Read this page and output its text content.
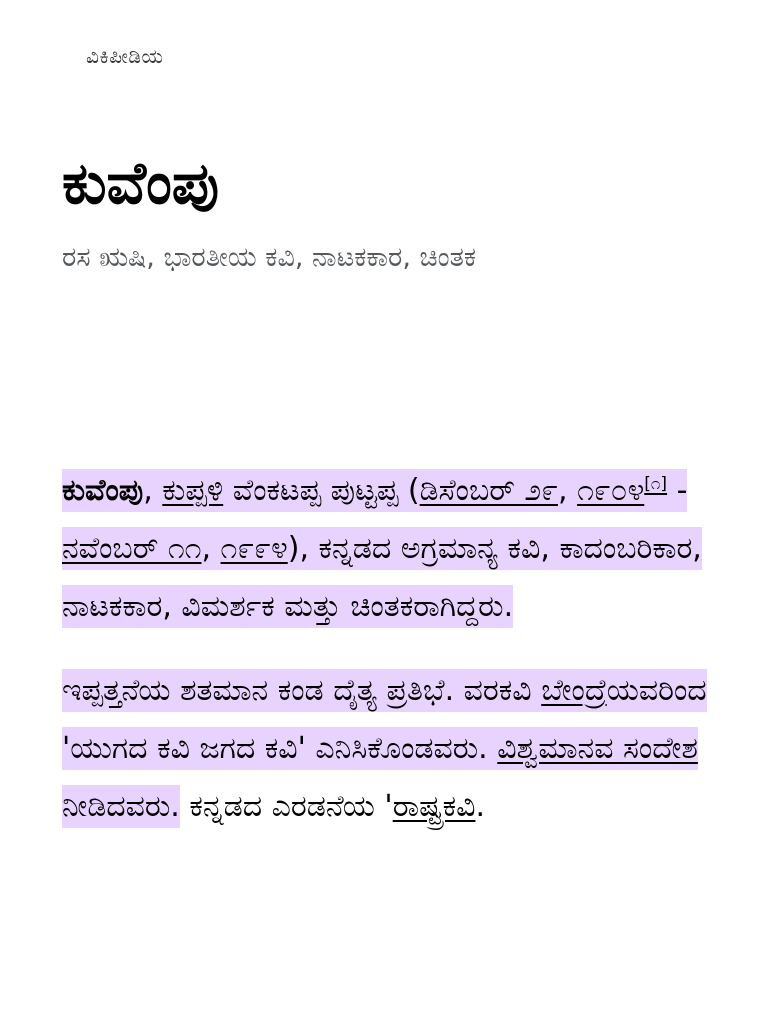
ವಿಕಿಪೀಡಿಯ
ಕುವೆಂಪು
ರಸ ಋಷಿ, ಭಾರತೀಯ ಕವಿ, ನಾಟಕಕಾರ, ಚಿಂತಕ

ಕುವೆಂಪು, ಕುಪ್ಪಳಿ ವೆಂಕಟಪ್ಪ ಪುಟ್ಟಪ್ಪ (ಡಿಸೆಂಬರ್ ೨೯, ೧೯೦೪[೧] - ನವೆಂಬರ್ ೧೧, ೧೯೯೪), ಕನ್ನಡದ ಅಗ್ರಮಾನ್ಯ ಕವಿ, ಕಾದಂಬರಿಕಾರ, ನಾಟಕಕಾರ, ವಿಮರ್ಶಕ ಮತ್ತು ಚಿಂತಕರಾಗಿದ್ದರು.

ಇಪ್ಪತ್ತನೆಯ ಶತಮಾನ ಕಂಡ ದೈತ್ಯ ಪ್ರತಿಭೆ. ವರಕವಿ ಬೇಂದ್ರೆಯವರಿಂದ 'ಯುಗದ ಕವಿ ಜಗದ ಕವಿ' ಎನಿಸಿಕೊಂಡವರು. ವಿಶ್ವಮಾನವ ಸಂದೇಶ ನೀಡಿದವರು. ಕನ್ನಡದ ಎರಡನೆಯ 'ರಾಷ್ಟ್ರಕವಿ.
